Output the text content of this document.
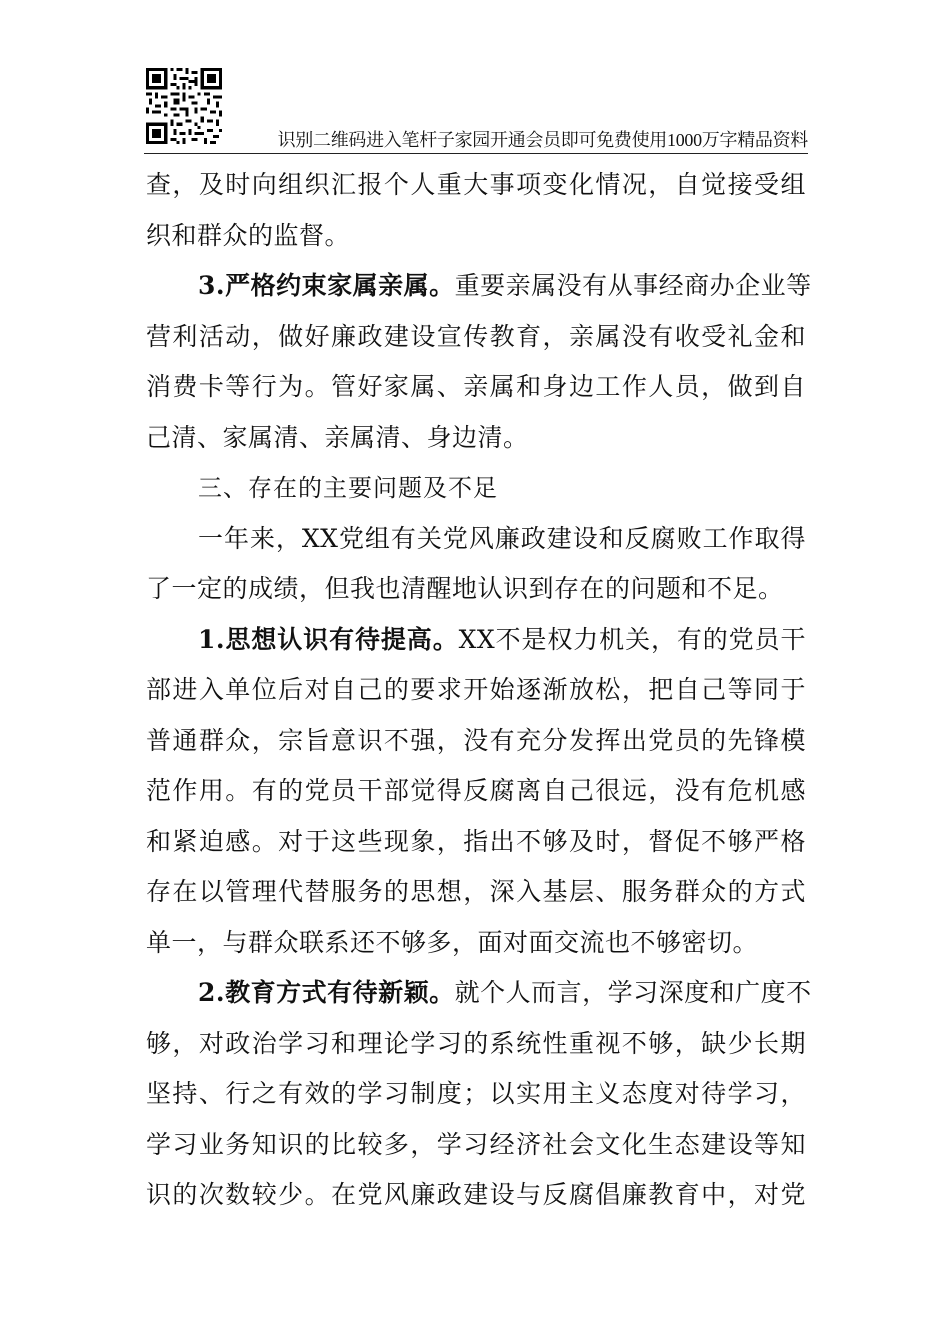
识别二维码进入笔杆子家园开通会员即可免费使用1000万字精品资料
查，及时向组织汇报个人重大事项变化情况，自觉接受组
织和群众的监督。
3.严格约束家属亲属。重要亲属没有从事经商办企业等
营利活动，做好廉政建设宣传教育，亲属没有收受礼金和
消费卡等行为。管好家属、亲属和身边工作人员，做到自
己清、家属清、亲属清、身边清。
三、存在的主要问题及不足
一年来，XX党组有关党风廉政建设和反腐败工作取得
了一定的成绩，但我也清醒地认识到存在的问题和不足。
1.思想认识有待提高。XX不是权力机关，有的党员干
部进入单位后对自己的要求开始逐渐放松，把自己等同于
普通群众，宗旨意识不强，没有充分发挥出党员的先锋模
范作用。有的党员干部觉得反腐离自己很远，没有危机感
和紧迫感。对于这些现象，指出不够及时，督促不够严格
存在以管理代替服务的思想，深入基层、服务群众的方式
单一，与群众联系还不够多，面对面交流也不够密切。
2.教育方式有待新颖。就个人而言，学习深度和广度不
够，对政治学习和理论学习的系统性重视不够，缺少长期
坚持、行之有效的学习制度；以实用主义态度对待学习，
学习业务知识的比较多，学习经济社会文化生态建设等知
识的次数较少。在党风廉政建设与反腐倡廉教育中，对党
